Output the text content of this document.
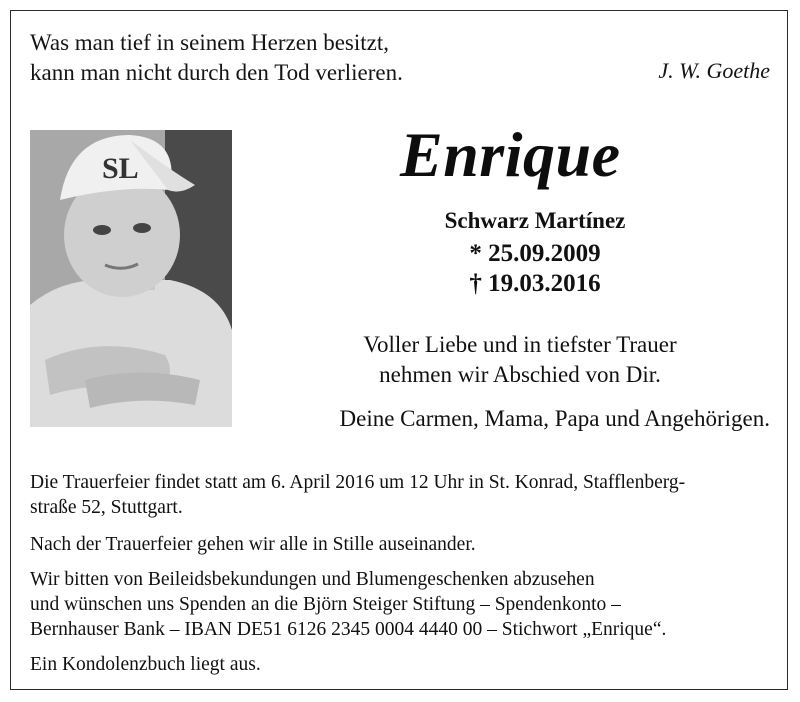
Was man tief in seinem Herzen besitzt,
kann man nicht durch den Tod verlieren.	J. W. Goethe
SL	Enrique
Schwarz Martínez
* 25.09.2009
† 19.03.2016
Voller Liebe und in tiefster Trauer
nehmen wir Abschied von Dir.
Deine Carmen, Mama, Papa und Angehörigen.
Die Trauerfeier findet statt am 6. April 2016 um 12 Uhr in St. Konrad, Stafflenberg-
straße 52, Stuttgart.
Nach der Trauerfeier gehen wir alle in Stille auseinander.
Wir bitten von Beileidsbekundungen und Blumengeschenken abzusehen
und wünschen uns Spenden an die Björn Steiger Stiftung – Spendenkonto –
Bernhauser Bank – IBAN DE51 6126 2345 0004 4440 00 – Stichwort „Enrique“.
Ein Kondolenzbuch liegt aus.
